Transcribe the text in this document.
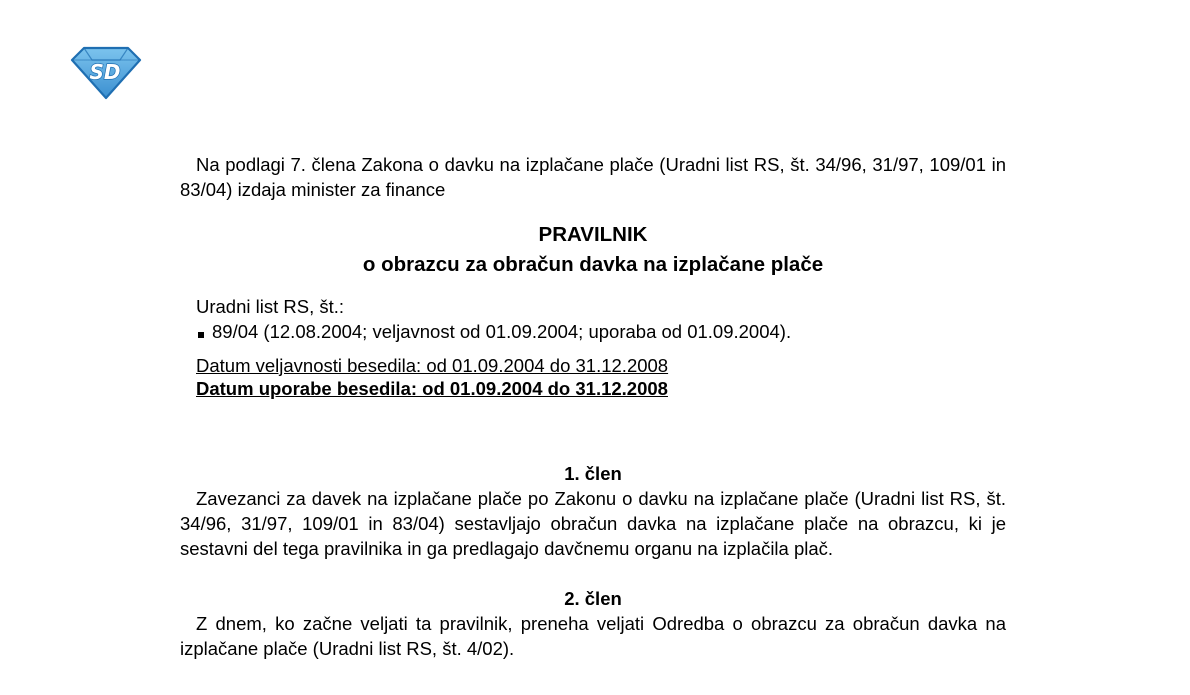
SD

Na podlagi 7. člena Zakona o davku na izplačane plače (Uradni list RS, št. 34/96, 31/97, 109/01 in 83/04) izdaja minister za finance

PRAVILNIK
o obrazcu za obračun davka na izplačane plače
Uradni list RS, št.:
89/04 (12.08.2004; veljavnost od 01.09.2004; uporaba od 01.09.2004).
Datum veljavnosti besedila: od 01.09.2004 do 31.12.2008
Datum uporabe besedila: od 01.09.2004 do 31.12.2008
1. člen

Zavezanci za davek na izplačane plače po Zakonu o davku na izplačane plače (Uradni list RS, št. 34/96, 31/97, 109/01 in 83/04) sestavljajo obračun davka na izplačane plače na obrazcu, ki je sestavni del tega pravilnika in ga predlagajo davčnemu organu na izplačila plač.

2. člen

Z dnem, ko začne veljati ta pravilnik, preneha veljati Odredba o obrazcu za obračun davka na izplačane plače (Uradni list RS, št. 4/02).
